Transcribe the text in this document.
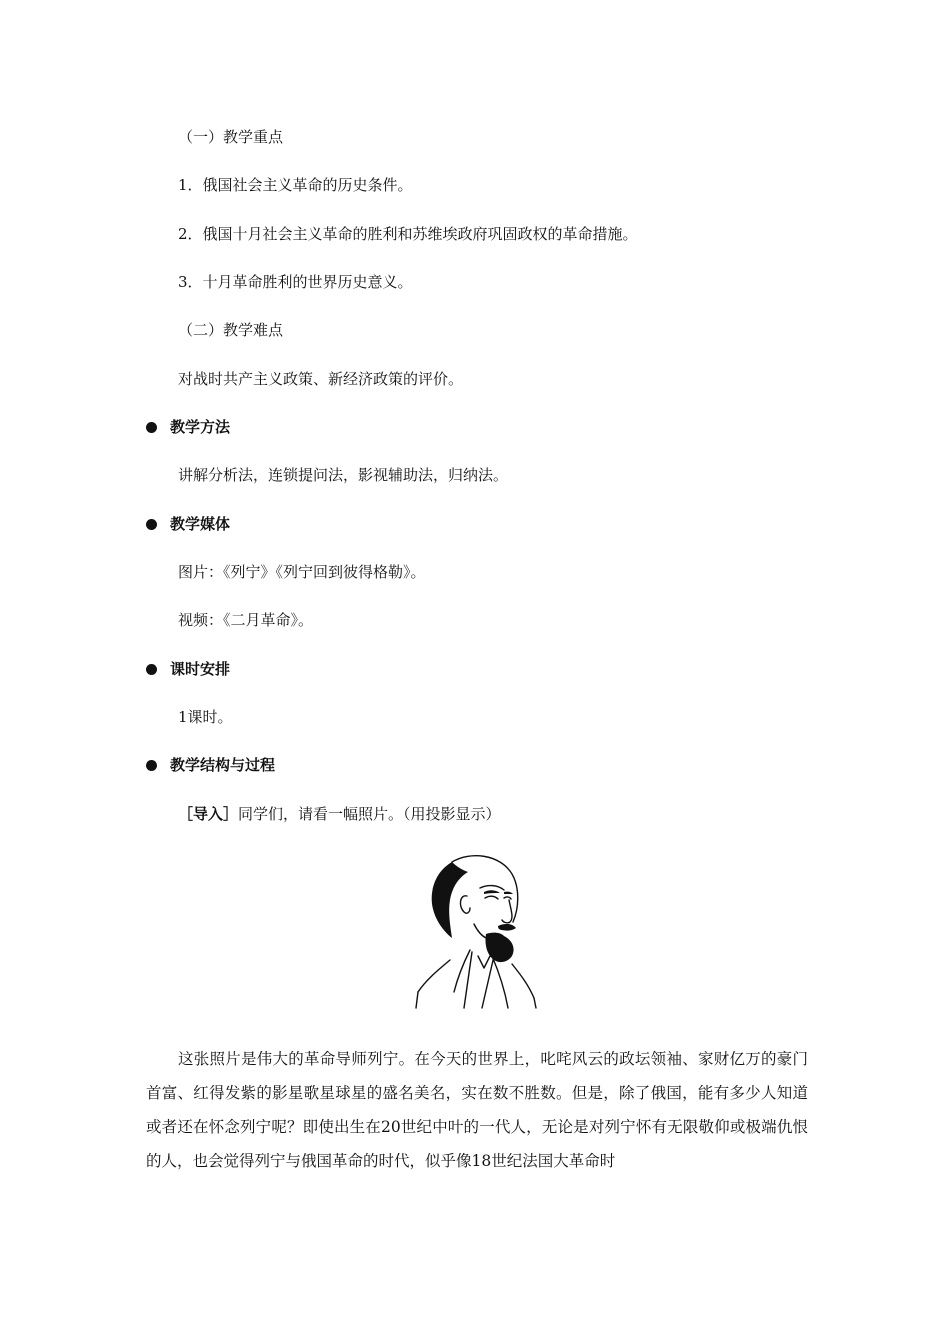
（一）教学重点
1．俄国社会主义革命的历史条件。
2．俄国十月社会主义革命的胜利和苏维埃政府巩固政权的革命措施。
3．十月革命胜利的世界历史意义。
（二）教学难点
对战时共产主义政策、新经济政策的评价。
教学方法
讲解分析法，连锁提问法，影视辅助法，归纳法。
教学媒体
图片：《列宁》《列宁回到彼得格勒》。
视频：《二月革命》。
课时安排
1课时。
教学结构与过程
［导入］同学们，请看一幅照片。（用投影显示）
这张照片是伟大的革命导师列宁。在今天的世界上，叱咤风云的政坛领袖、家财亿万的豪门首富、红得发紫的影星歌星球星的盛名美名，实在数不胜数。但是，除了俄国，能有多少人知道或者还在怀念列宁呢？即使出生在20世纪中叶的一代人，无论是对列宁怀有无限敬仰或极端仇恨的人，也会觉得列宁与俄国革命的时代，似乎像18世纪法国大革命时
